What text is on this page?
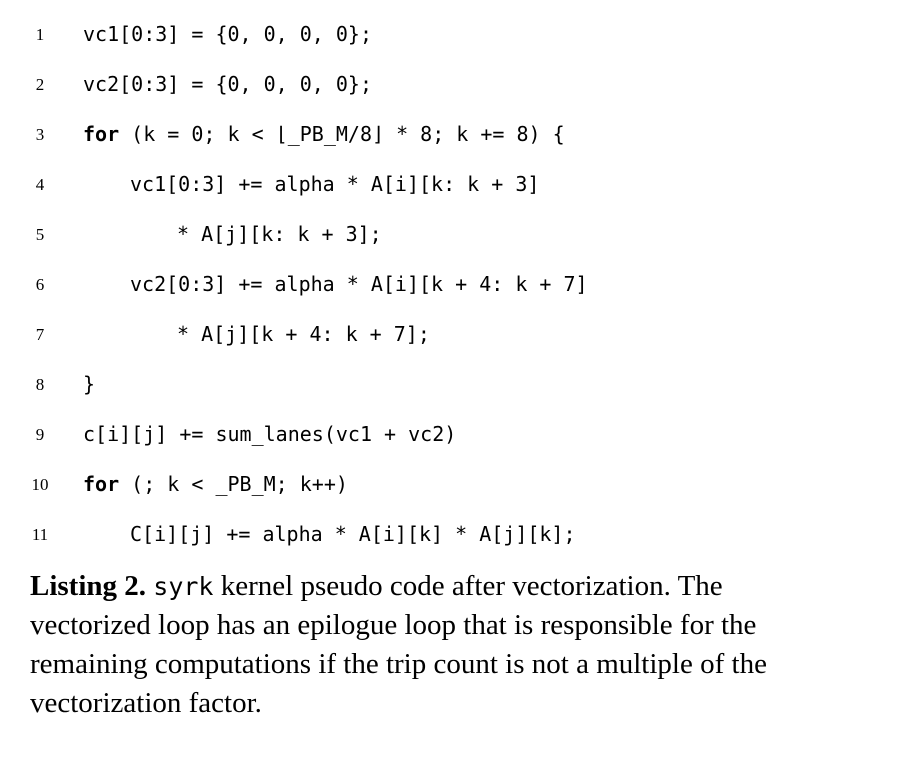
1 vc1[0:3] = {0, 0, 0, 0};
2 vc2[0:3] = {0, 0, 0, 0};
3 for (k = 0; k < ⌊_PB_M/8⌋ * 8; k += 8) {
4	vc1[0:3] += alpha * A[i][k: k + 3]
5	* A[j][k: k + 3];
6	vc2[0:3] += alpha * A[i][k + 4: k + 7]
7	* A[j][k + 4: k + 7];
8 }
9 c[i][j] += sum_lanes(vc1 + vc2)
10 for (; k < _PB_M; k++)
11	C[i][j] += alpha * A[i][k] * A[j][k];
Listing 2. syrk kernel pseudo code after vectorization. The vectorized loop has an epilogue loop that is responsible for the remaining computations if the trip count is not a multiple of the vectorization factor.
